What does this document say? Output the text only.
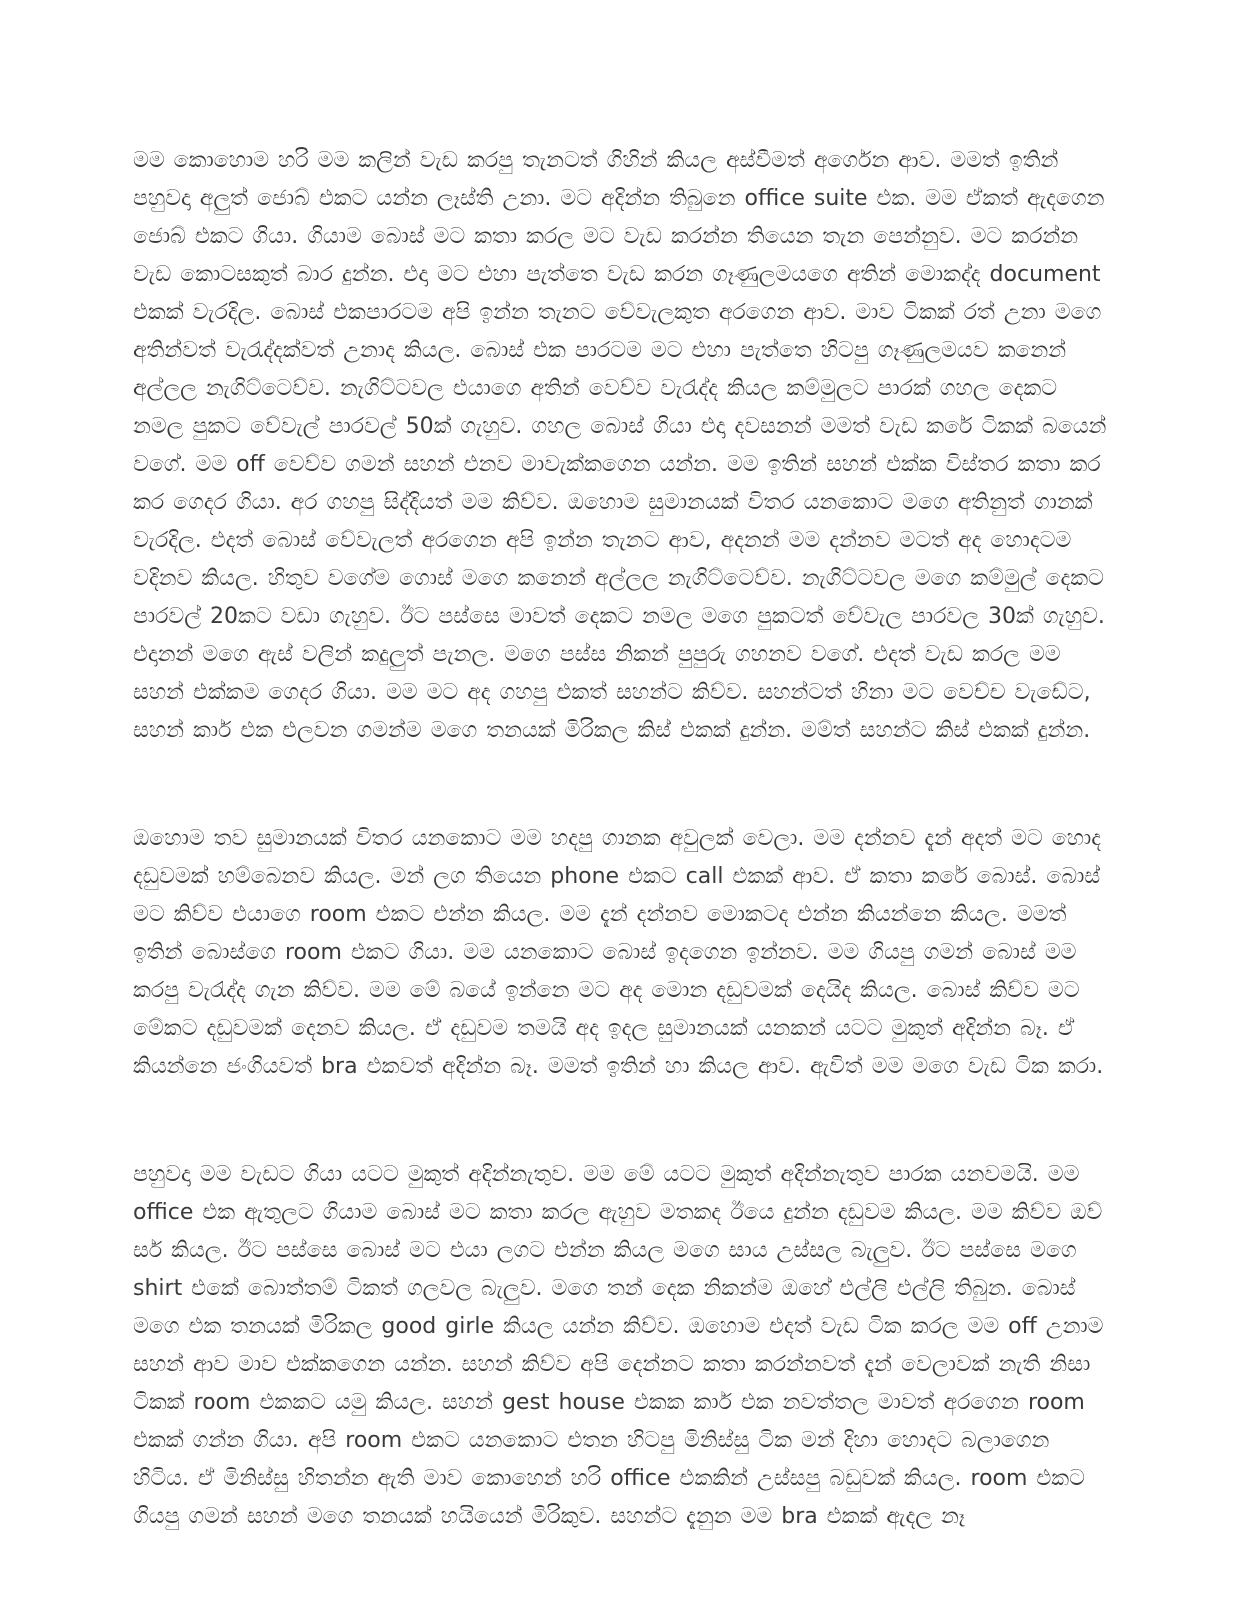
මම කොහොම හරි මම කලින් වැඩ කරපු තැනටත් ගිහින් කියල අස්වීමත් අර්ගෙන ආව. මමත් ඉතින් පහුවදා අලුත් ජොබ් එකට යන්න ලෑස්ති උනා. මට අදින්න තිබුනෙ office suite එක. මම ඒකත් ඇදගෙන ජොබ් එකට ගියා. ගියාම බොස් මට කතා කරල මට වැඩ කරන්න තියෙන තැන පෙන්නුව. මට කරන්න වැඩ කොටසකුත් බාර දුන්න. එදා මට එහා පැත්තෙ වැඩ කරන ගෑණුලමයගෙ අතින් මොකද්ද document එකක් වැරදිල. බොස් එකපාරටම අපි ඉන්න තැනට වේවැලකුත අරගෙන ආව. මාව ටිකක් රත් උනා මගෙ අතින්වත් වැරැද්දක්වත් උනාද කියල. බොස් එක පාරටම මට එහා පැත්තෙ හිටපු ගෑණුලමයව කනෙන් අල්ලල නැගිට්ටෙව්ව. නැගිට්ටවල එයාගෙ අතින් වෙව්ව වැරැද්ද කියල කම්මුලට පාරක් ගහල දෙකට නමල පුකට වේවැල් පාරවල් 50ක් ගැහුව. ගහල බොස් ගියා එදා දවසනන් මමත් වැඩ කරේ ටිකක් බයෙන් වගේ. මම off වෙව්ව ගමන් සහන් එනව මාවැක්කගෙන යන්න. මම ඉතින් සහන් එක්ක විස්තර කතා කර කර ගෙදර ගියා. අර ගහපු සිද්දියත් මම කිව්ව. ඔහොම සුමානයක් විතර යනකොට මගෙ අතිනුත් ගානක් වැරදිල. එදත් බොස් වේවැලත් අරගෙන අපි ඉන්න තැනට ආව, අදනන් මම දන්නව මටත් අද හොදටම වදිනව කියල. හිතුව වගේම ගොස් මගෙ කනෙන් අල්ලල නැගිට්ටෙව්ව. නැගිට්ටවල මගෙ කම්මුල් දෙකට පාරවල් 20කට වඩා ගැහුව. ඊට පස්සෙ මාවත් දෙකට නමල මගෙ පුකටත් වේවැල පාරවල 30ක් ගැහුව. එදානන් මගෙ ඇස් වලින් කදුලුත් පැනල. මගෙ පස්ස නිකන් පුපුරු ගහනව වගේ. එදත් වැඩ කරල මම සහන් එක්කම ගෙදර ගියා. මම මට අද ගහපු එකත් සහන්ට කිව්ව. සහන්ටත් හිනා මට වෙච්ච වැඩේට, සහන් කාර් එක එලවන ගමන්ම මගෙ තනයක් මිරිකල කිස් එකක් දුන්න. මම්ත් සහන්ට කිස් එකක් දුන්න.

ඔහොම තව සුමානයක් විතර යනකොට මම හදපු ගානක අවුලක් වෙලා. මම දන්නව දැන් අදත් මට හොද දඩුවමක් හම්බෙනව කියල. මන් ලග තියෙන phone එකට call එකක් ආව. ඒ කතා කරේ බොස්. බොස් මට කිව්ව එයාගෙ room එකට එන්න කියල. මම දැන් දන්නව මොකටද එන්න කියන්නෙ කියල. මමත් ඉතින් බොස්ගෙ room එකට ගියා. මම යනකොට බොස් ඉදගෙන ඉන්නව. මම ගියපු ගමන් බොස් මම කරපු වැරැද්ද ගැන කිව්ව. මම මේ බයේ ඉන්නෙ මට අද මොන දඩුවමක් දෙයිද කියල. බොස් කිව්ව මට මේකට දඩුවමක් දෙනව කියල. ඒ දඩුවම තමයි අද ඉදල සුමානයක් යනකන් යටට මුකුත් අදින්න බෑ. ඒ කියන්නෙ ජංගියවත් bra එකවත් අදින්න බෑ. මමත් ඉතින් හා කියල ආව. ඇවිත් මම මගෙ වැඩ ටික කරා.

පහුවදා මම වැඩට ගියා යටට මුකුත් අදින්නැතුව. මම මේ යටට මුකුත් අදින්නැතුව පාරක යනවමයි. මම office එක ඇතුලට ගියාම බොස් මට කතා කරල ඇහුව මතකද ඊයෙ දුන්න දඩුවම කියල. මම කිව්ව ඔව් සර් කියල. ඊට පස්සෙ බොස් මට එයා ලගට එන්න කියල මගෙ සාය උස්සල බැලුව. ඊට පස්සෙ මගෙ shirt එකේ බොත්තම් ටිකත් ගලවල බැලුව. මගෙ තන් දෙක නිකන්ම ඔහේ එල්ලි එල්ලි තිබුන. බොස් මගෙ එක තනයක් මිරිකල good girle කියල යන්න කිව්ව. ඔහොම එදත් වැඩ ටික කරල මම off උනාම සහන් ආව මාව එක්කගෙන යන්න. සහන් කිව්ව අපි දෙන්නට කතා කරන්නවත් දැන් වෙලාවක් නැති නිසා ටිකක් room එකකට යමු කියල. සහන් gest house එකක කාර් එක නවත්තල මාවත් අරගෙන room එකක් ගන්න ගියා. අපි room එකට යනකොට එතන හිටපු මිනිස්සු ටික මන් දිහා හොදට බලාගෙන හිටිය. ඒ මිනිස්සු හිතන්න ඇති මාව කොහෙන් හරි office එකකින් උස්සපු බඩුවක් කියල. room එකට ගියපු ගමන් සහන් මගෙ තනයක් හයියෙන් මිරිකුව. සහන්ට දැනුන මම bra එකක් ඇදල නෑ
